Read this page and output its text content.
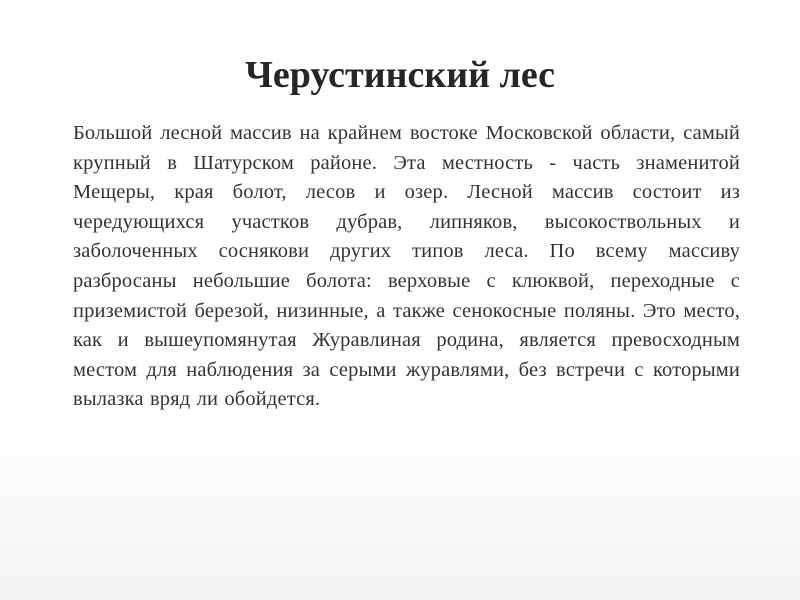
Черустинский лес

Большой лесной массив на крайнем востоке Московской области, самый крупный в Шатурском районе. Эта местность - часть знаменитой Мещеры, края болот, лесов и озер. Лесной массив состоит из чередующихся участков дубрав, липняков, высокоствольных и заболоченных соснякови других типов леса. По всему массиву разбросаны небольшие болота: верховые с клюквой, переходные с приземистой березой, низинные, а также сенокосные поляны. Это место, как и вышеупомянутая Журавлиная родина, является превосходным местом для наблюдения за серыми журавлями, без встречи с которыми вылазка вряд ли обойдется.
